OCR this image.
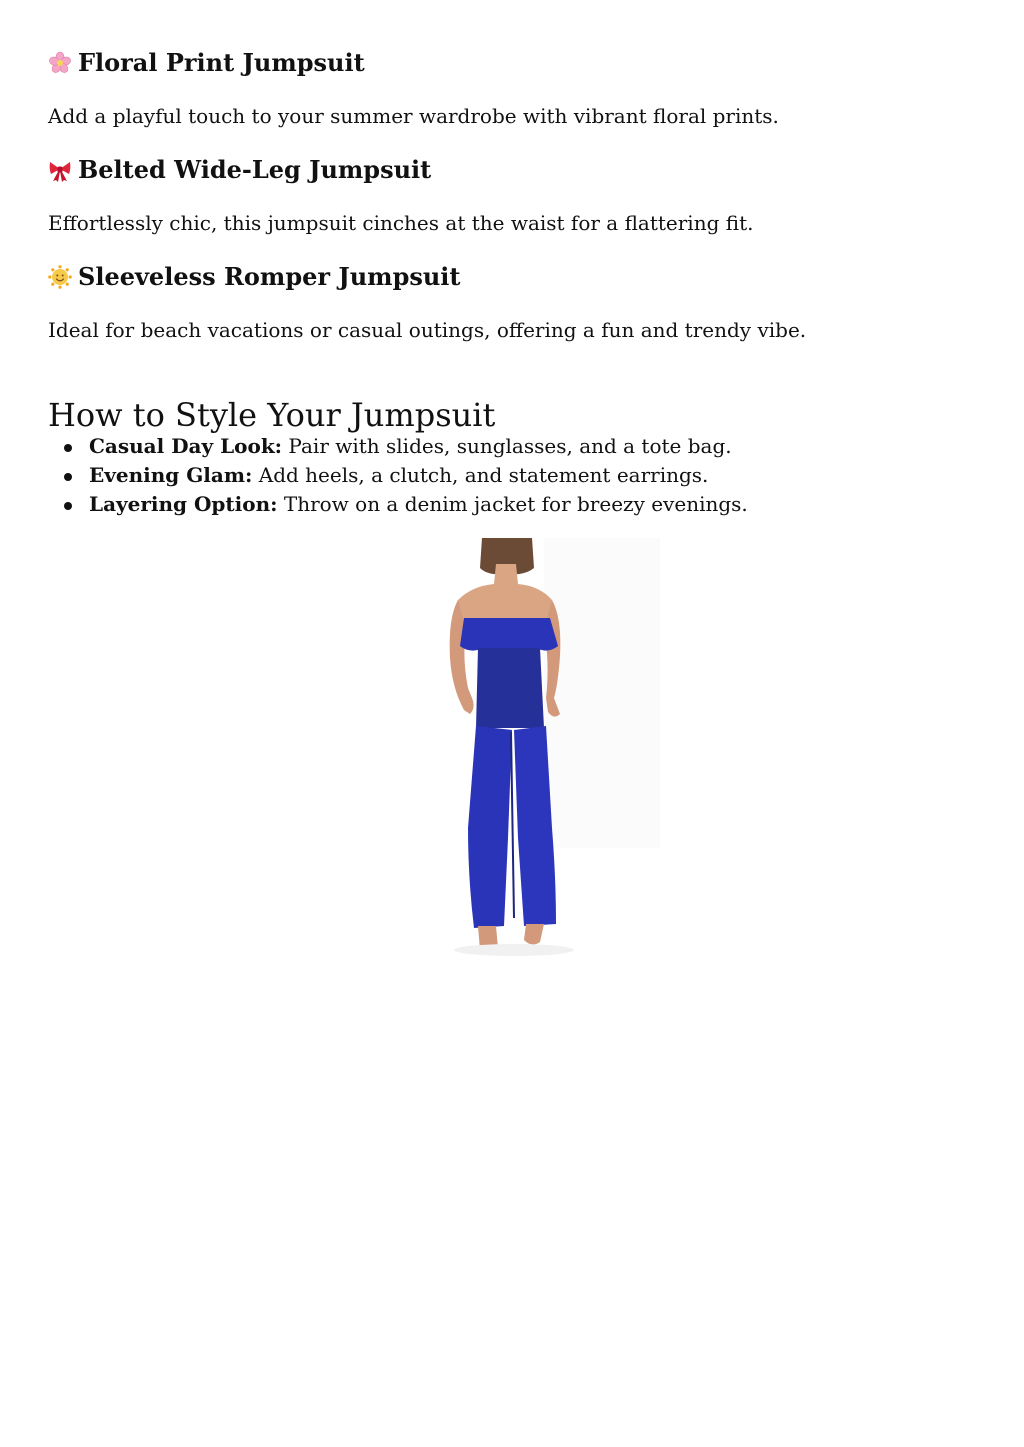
Floral Print Jumpsuit
Add a playful touch to your summer wardrobe with vibrant floral prints.
Belted Wide-Leg Jumpsuit
Effortlessly chic, this jumpsuit cinches at the waist for a flattering fit.
Sleeveless Romper Jumpsuit
Ideal for beach vacations or casual outings, offering a fun and trendy vibe.
How to Style Your Jumpsuit
Casual Day Look: Pair with slides, sunglasses, and a tote bag.
Evening Glam: Add heels, a clutch, and statement earrings.
Layering Option: Throw on a denim jacket for breezy evenings.
